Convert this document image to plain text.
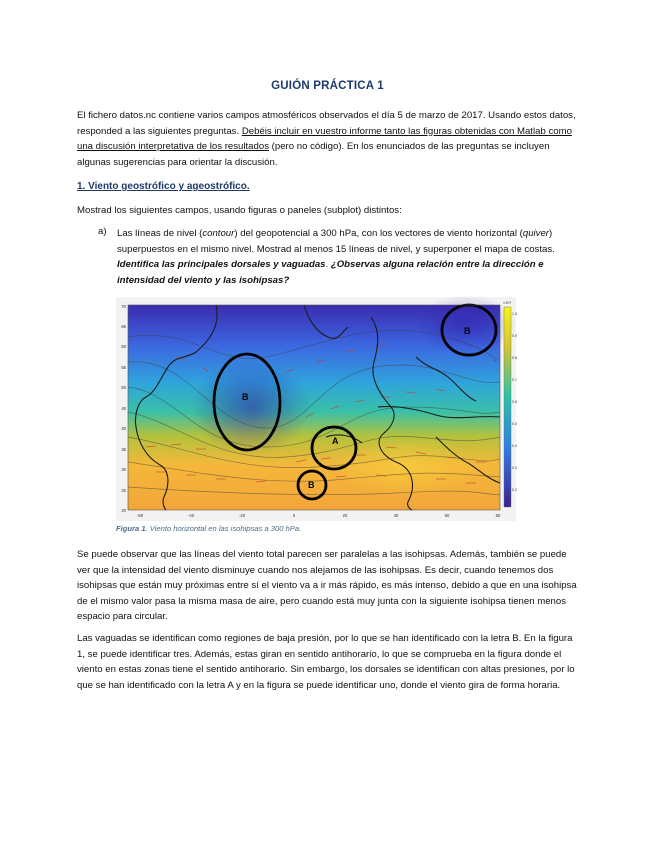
GUIÓN PRÁCTICA 1
El fichero datos.nc contiene varios campos atmosféricos observados el día 5 de marzo de 2017. Usando estos datos, responded a las siguientes preguntas. Debéis incluir en vuestro informe tanto las figuras obtenidas con Matlab como una discusión interpretativa de los resultados (pero no código). En los enunciados de las preguntas se incluyen algunas sugerencias para orientar la discusión.
1. Viento geostrófico y ageostrófico.
Mostrad los siguientes campos, usando figuras o paneles (subplot) distintos:
a) Las líneas de nivel (contour) del geopotencial a 300 hPa, con los vectores de viento horizontal (quiver) superpuestos en el mismo nivel. Mostrad al menos 15 líneas de nivel, y superponer el mapa de costas. Identifica las principales dorsales y vaguadas. ¿Observas alguna relación entre la dirección e intensidad del viento y las isohipsas?
B
B
A
B
70
65
60
55
50
45
40
35
30
25
20
-60	-40	-20	0	20	40	60	80
×10⁴
1.0
0.9
0.8
0.7
0.6
0.5
0.4
0.3
0.2
Figura 1. Viento horizontal en las isohipsas a 300 hPa.
Se puede observar que las líneas del viento total parecen ser paralelas a las isohipsas. Además, también se puede ver que la intensidad del viento disminuye cuando nos alejamos de las isohipsas. Es decir, cuando tenemos dos isohipsas que están muy próximas entre sí el viento va a ir más rápido, es más intenso, debido a que en una isohipsa de el mismo valor pasa la misma masa de aire, pero cuando está muy junta con la siguiente isohipsa tienen menos espacio para circular.
Las vaguadas se identifican como regiones de baja presión, por lo que se han identificado con la letra B. En la figura 1, se puede identificar tres. Además, estas giran en sentido antihorario, lo que se comprueba en la figura donde el viento en estas zonas tiene el sentido antihorario. Sin embargo, los dorsales se identifican con altas presiones, por lo que se han identificado con la letra A y en la figura se puede identificar uno, donde el viento gira de forma horaria.
